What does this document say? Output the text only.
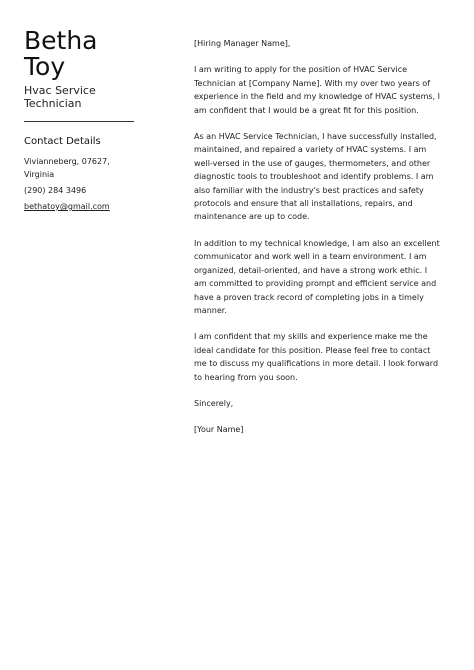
Betha
Toy
Hvac Service Technician
Contact Details
Vivianneberg, 07627,
Virginia
(290) 284 3496
bethatoy@gmail.com

[Hiring Manager Name],

I am writing to apply for the position of HVAC Service Technician at [Company Name]. With my over two years of experience in the field and my knowledge of HVAC systems, I am confident that I would be a great fit for this position.

As an HVAC Service Technician, I have successfully installed, maintained, and repaired a variety of HVAC systems. I am well-versed in the use of gauges, thermometers, and other diagnostic tools to troubleshoot and identify problems. I am also familiar with the industry's best practices and safety protocols and ensure that all installations, repairs, and maintenance are up to code.

In addition to my technical knowledge, I am also an excellent communicator and work well in a team environment. I am organized, detail-oriented, and have a strong work ethic. I am committed to providing prompt and efficient service and have a proven track record of completing jobs in a timely manner.

I am confident that my skills and experience make me the ideal candidate for this position. Please feel free to contact me to discuss my qualifications in more detail. I look forward to hearing from you soon.

Sincerely,

[Your Name]
